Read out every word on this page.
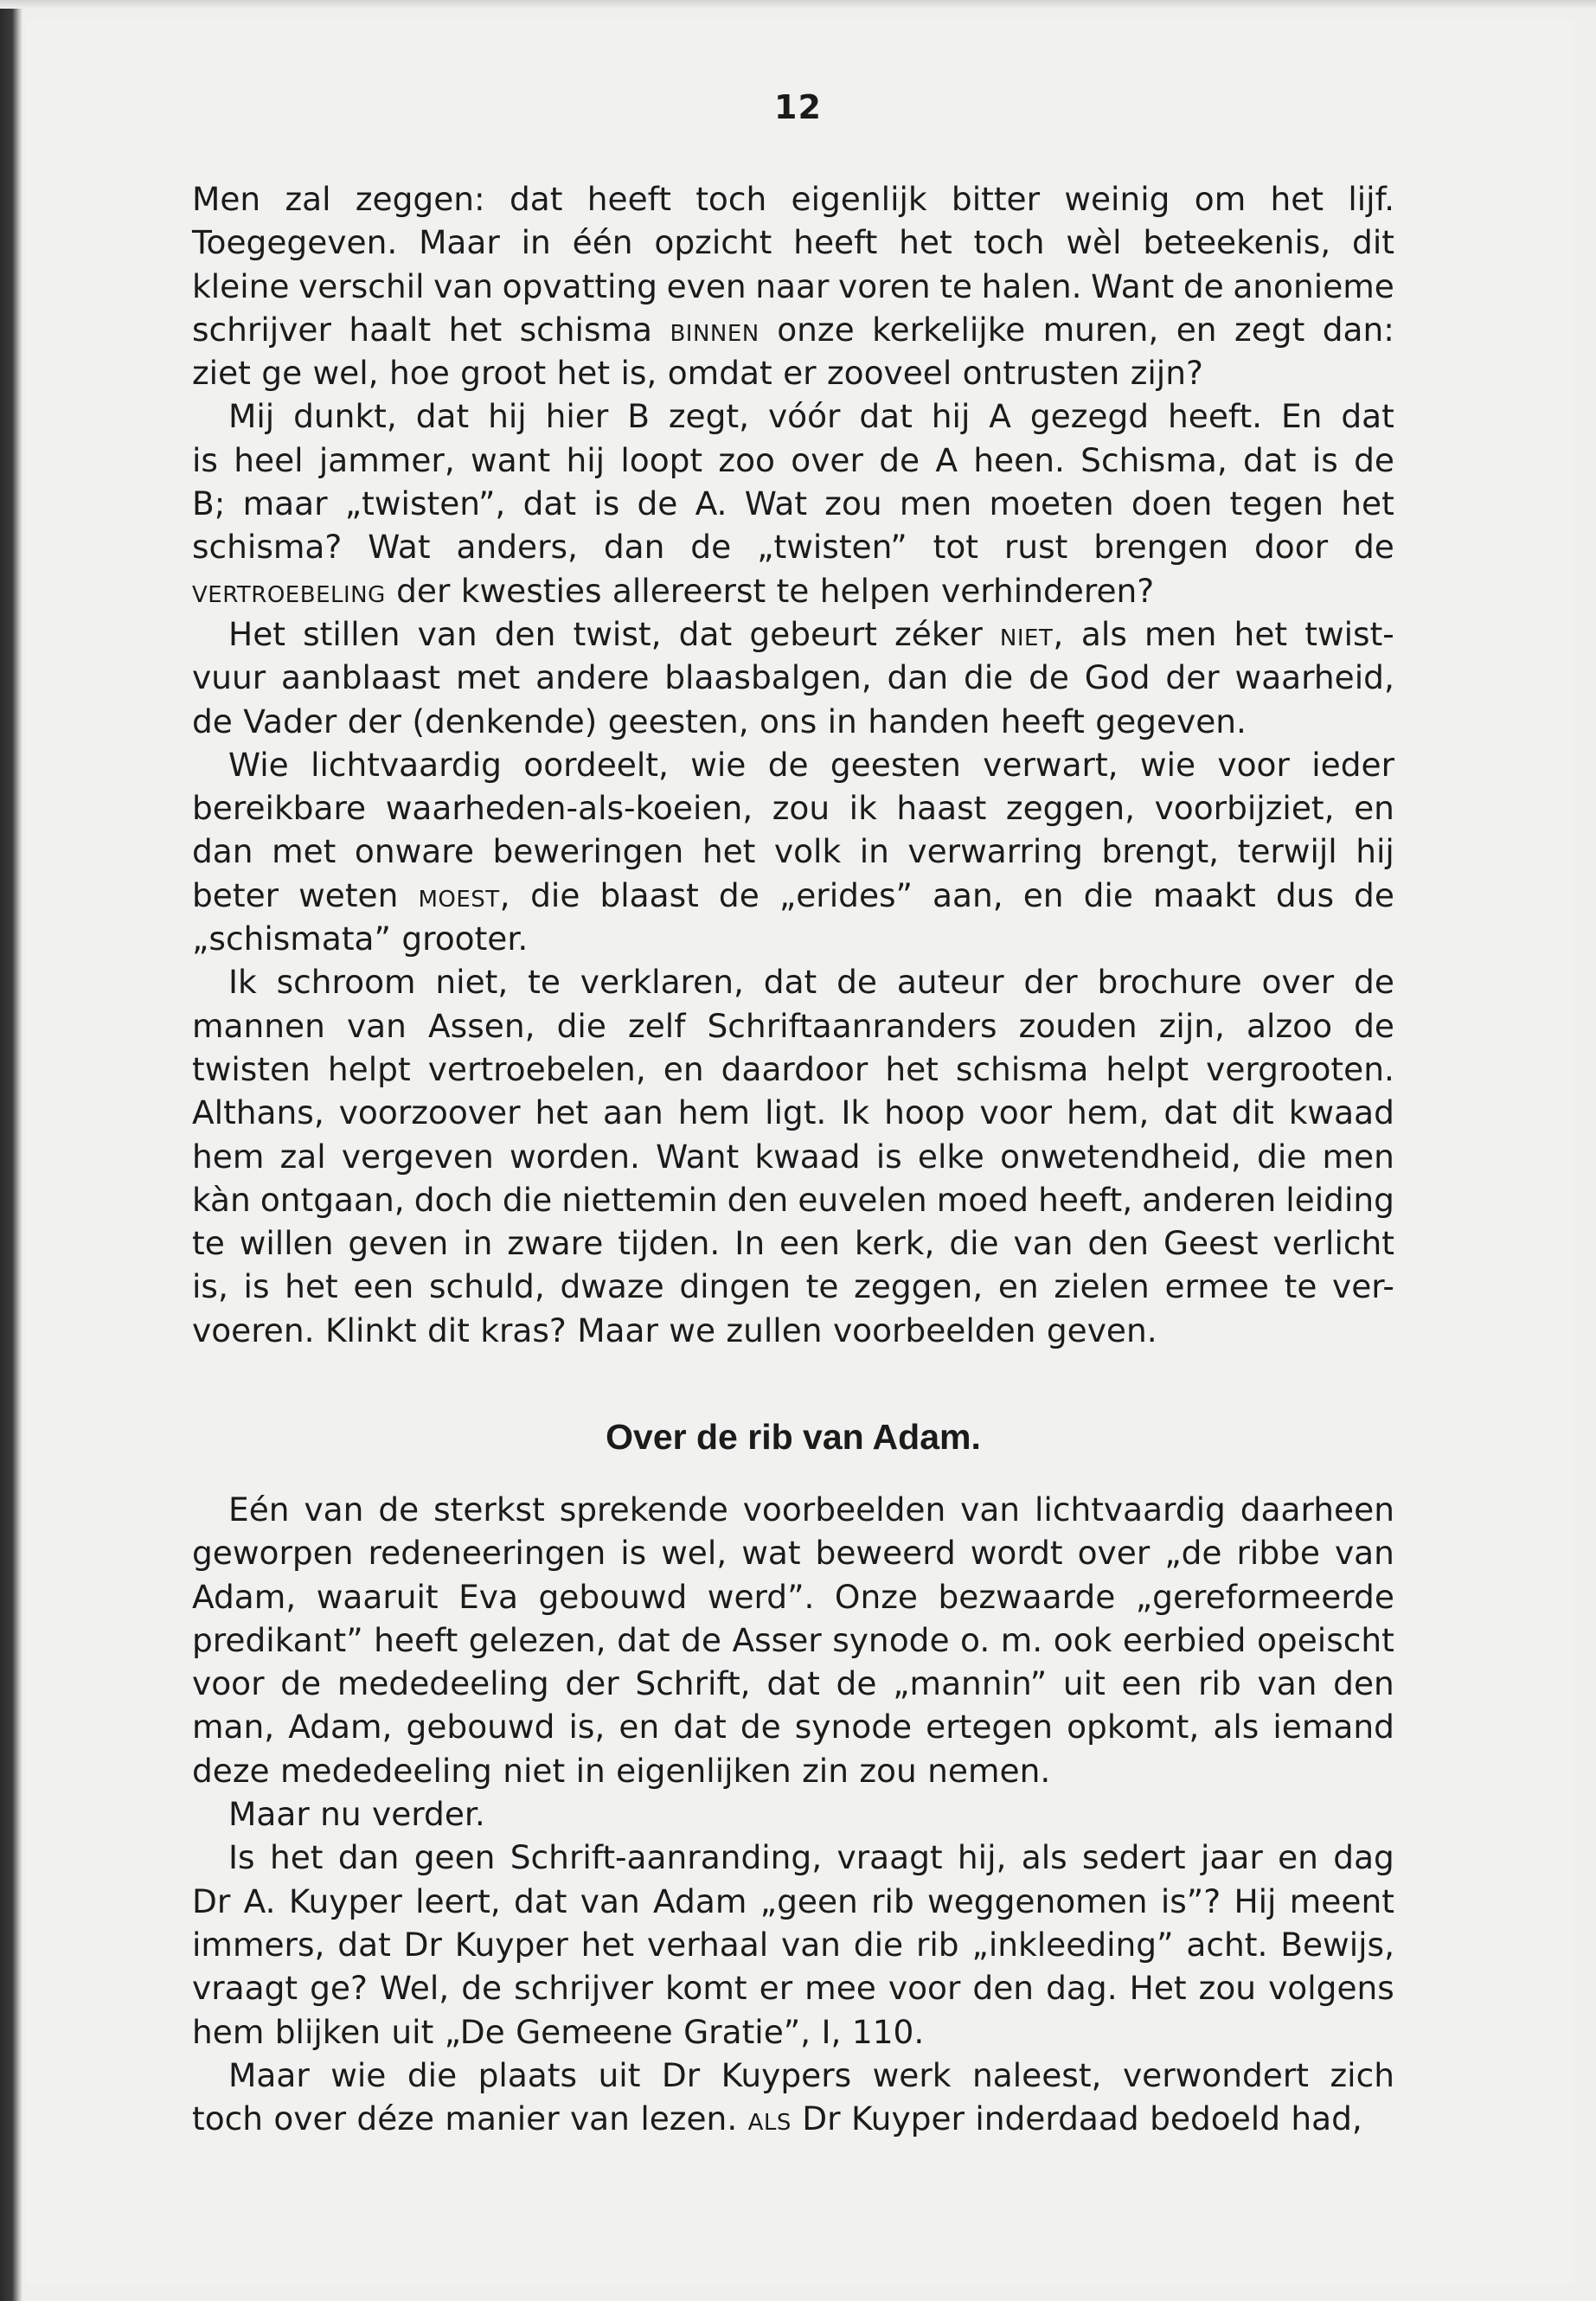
12
Men zal zeggen: dat heeft toch eigenlijk bitter weinig om het lijf.
Toegegeven. Maar in één opzicht heeft het toch wèl beteekenis, dit
kleine verschil van opvatting even naar voren te halen. Want de anonieme
schrijver haalt het schisma binnen onze kerkelijke muren, en zegt dan:
ziet ge wel, hoe groot het is, omdat er zooveel ontrusten zijn?
Mij dunkt, dat hij hier B zegt, vóór dat hij A gezegd heeft. En dat
is heel jammer, want hij loopt zoo over de A heen. Schisma, dat is de
B; maar „twisten”, dat is de A. Wat zou men moeten doen tegen het
schisma? Wat anders, dan de „twisten” tot rust brengen door de
vertroebeling der kwesties allereerst te helpen verhinderen?
Het stillen van den twist, dat gebeurt zéker niet, als men het twist-
vuur aanblaast met andere blaasbalgen, dan die de God der waarheid,
de Vader der (denkende) geesten, ons in handen heeft gegeven.
Wie lichtvaardig oordeelt, wie de geesten verwart, wie voor ieder
bereikbare waarheden-als-koeien, zou ik haast zeggen, voorbijziet, en
dan met onware beweringen het volk in verwarring brengt, terwijl hij
beter weten moest, die blaast de „erides” aan, en die maakt dus de
„schismata” grooter.
Ik schroom niet, te verklaren, dat de auteur der brochure over de
mannen van Assen, die zelf Schriftaanranders zouden zijn, alzoo de
twisten helpt vertroebelen, en daardoor het schisma helpt vergrooten.
Althans, voorzoover het aan hem ligt. Ik hoop voor hem, dat dit kwaad
hem zal vergeven worden. Want kwaad is elke onwetendheid, die men
kàn ontgaan, doch die niettemin den euvelen moed heeft, anderen leiding
te willen geven in zware tijden. In een kerk, die van den Geest verlicht
is, is het een schuld, dwaze dingen te zeggen, en zielen ermee te ver-
voeren. Klinkt dit kras? Maar we zullen voorbeelden geven.
Eén van de sterkst sprekende voorbeelden van lichtvaardig daarheen
geworpen redeneeringen is wel, wat beweerd wordt over „de ribbe van
Adam, waaruit Eva gebouwd werd”. Onze bezwaarde „gereformeerde
predikant” heeft gelezen, dat de Asser synode o. m. ook eerbied opeischt
voor de mededeeling der Schrift, dat de „mannin” uit een rib van den
man, Adam, gebouwd is, en dat de synode ertegen opkomt, als iemand
deze mededeeling niet in eigenlijken zin zou nemen.
Maar nu verder.
Is het dan geen Schrift-aanranding, vraagt hij, als sedert jaar en dag
Dr A. Kuyper leert, dat van Adam „geen rib weggenomen is”? Hij meent
immers, dat Dr Kuyper het verhaal van die rib „inkleeding” acht. Bewijs,
vraagt ge? Wel, de schrijver komt er mee voor den dag. Het zou volgens
hem blijken uit „De Gemeene Gratie”, I, 110.
Maar wie die plaats uit Dr Kuypers werk naleest, verwondert zich
toch over déze manier van lezen. als Dr Kuyper inderdaad bedoeld had,
Over de rib van Adam.
